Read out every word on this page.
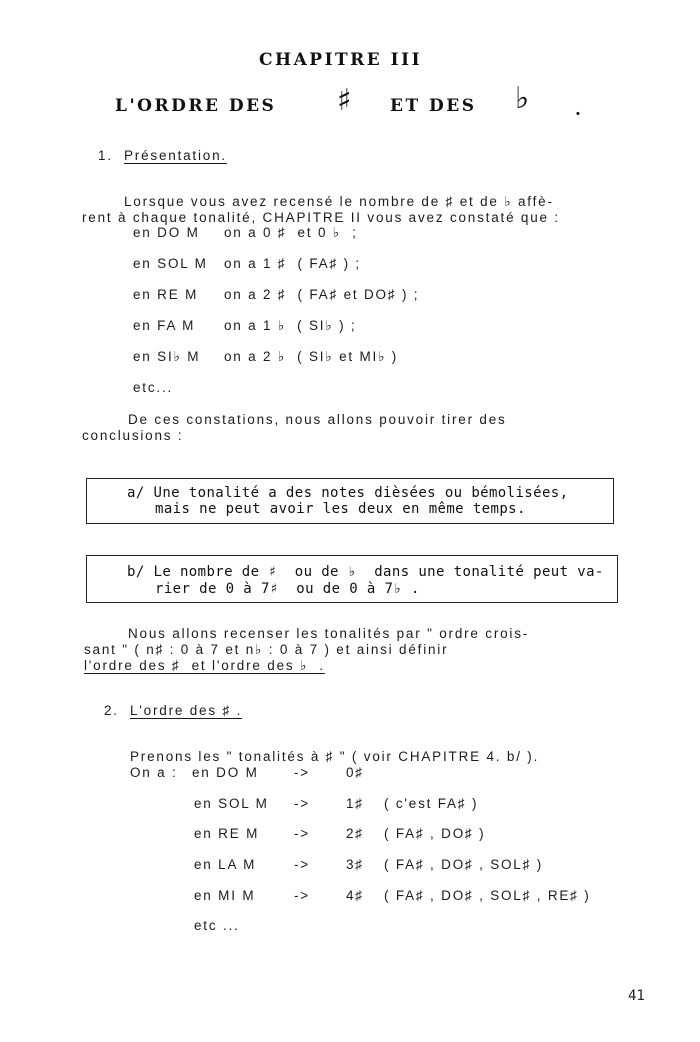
CHAPITRE III
L'ORDRE DES ♯ ET DES ♭	.
1. Présentation.
Lorsque vous avez recensé le nombre de ♯ et de ♭ affè-
rent à chaque tonalité, CHAPITRE II vous avez constaté que :
en DO M on a 0 ♯  et 0 ♭  ;
en SOL M on a 1 ♯  ( FA♯ ) ;
en RE M on a 2 ♯  ( FA♯ et DO♯ ) ;
en FA M on a 1 ♭  ( SI♭ ) ;
en SI♭ M on a 2 ♭  ( SI♭ et MI♭ )
etc...
De ces constations, nous allons pouvoir tirer des
conclusions :
a/ Une tonalité a des notes dièsées ou bémolisées,
mais ne peut avoir les deux en même temps.
b/ Le nombre de ♯  ou de ♭  dans une tonalité peut va-
rier de 0 à 7♯  ou de 0 à 7♭ .
Nous allons recenser les tonalités par " ordre crois-
sant " ( n♯ : 0 à 7 et n♭ : 0 à 7 ) et ainsi définir
l'ordre des ♯  et l'ordre des ♭  .
2. L'ordre des ♯ .
Prenons les " tonalités à ♯ " ( voir CHAPITRE 4. b/ ).
On a : en DO M	->	0♯
en SOL M ->	1♯ ( c'est FA♯ )
en RE M	->	2♯ ( FA♯ , DO♯ )
en LA M	->	3♯ ( FA♯ , DO♯ , SOL♯ )
en MI M	->	4♯ ( FA♯ , DO♯ , SOL♯ , RE♯ )
etc ...
41
